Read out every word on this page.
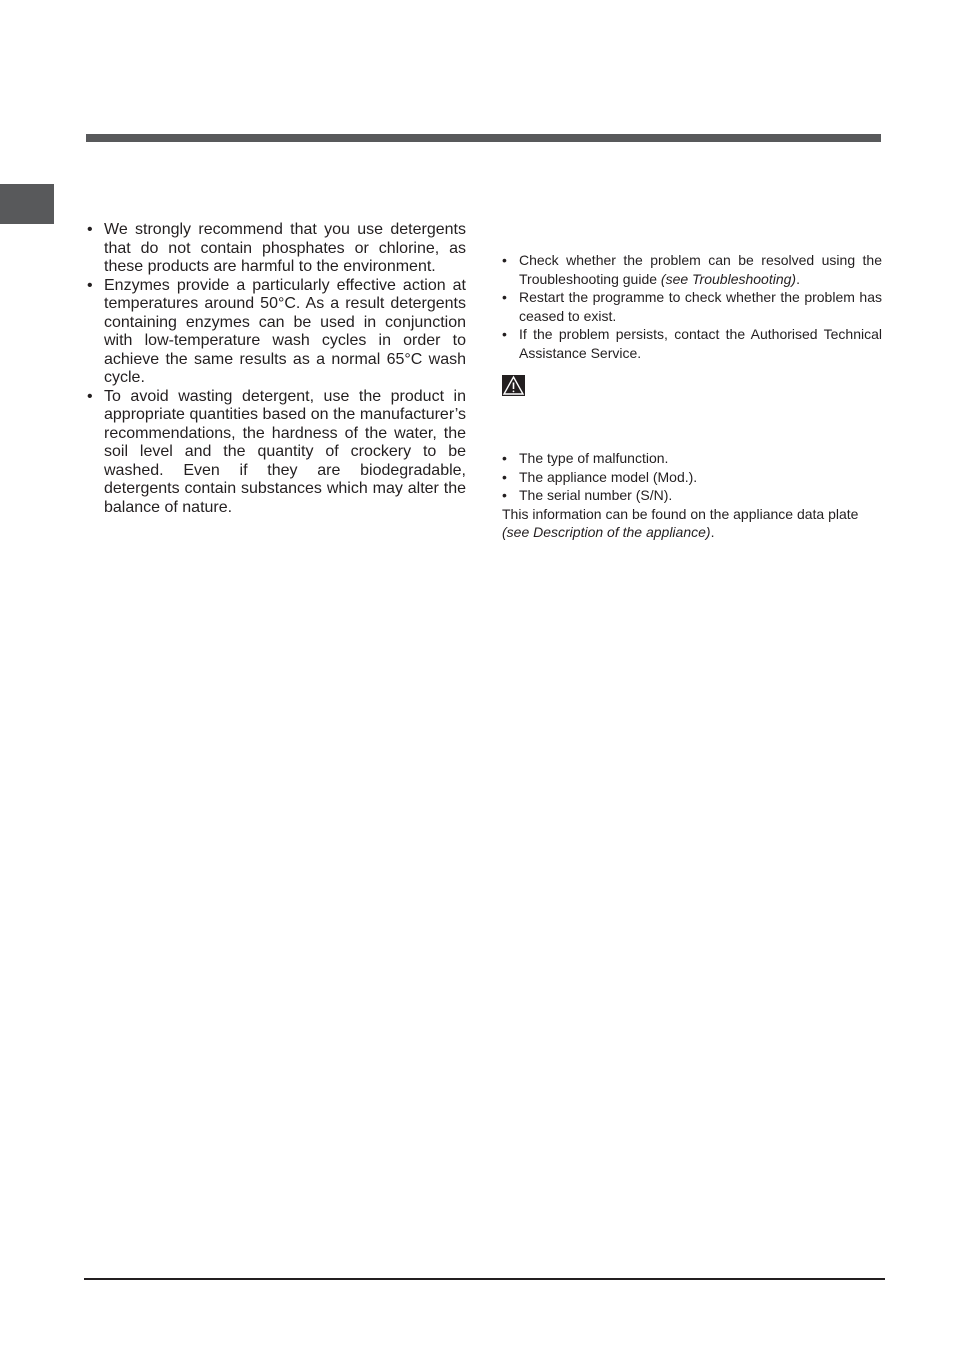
• We strongly recommend that you use detergents that do not contain phosphates or chlorine, as these products are harmful to the environment.
• Enzymes provide a particularly effective action at temperatures around 50°C. As a result detergents containing enzymes can be used in conjunction with low-temperature wash cycles in order to achieve the same results as a normal 65°C wash cycle.
• To avoid wasting detergent, use the product in appropriate quantities based on the manufacturer’s recommendations, the hardness of the water, the soil level and the quantity of crockery to be washed. Even if they are biodegradable, detergents contain substances which may alter the balance of nature.
• Check whether the problem can be resolved using the Troubleshooting guide (see Troubleshooting).
• Restart the programme to check whether the problem has ceased to exist.
• If the problem persists, contact the Authorised Technical Assistance Service.
• The type of malfunction.
• The appliance model (Mod.).
• The serial number (S/N).
This information can be found on the appliance data plate
(see Description of the appliance).
